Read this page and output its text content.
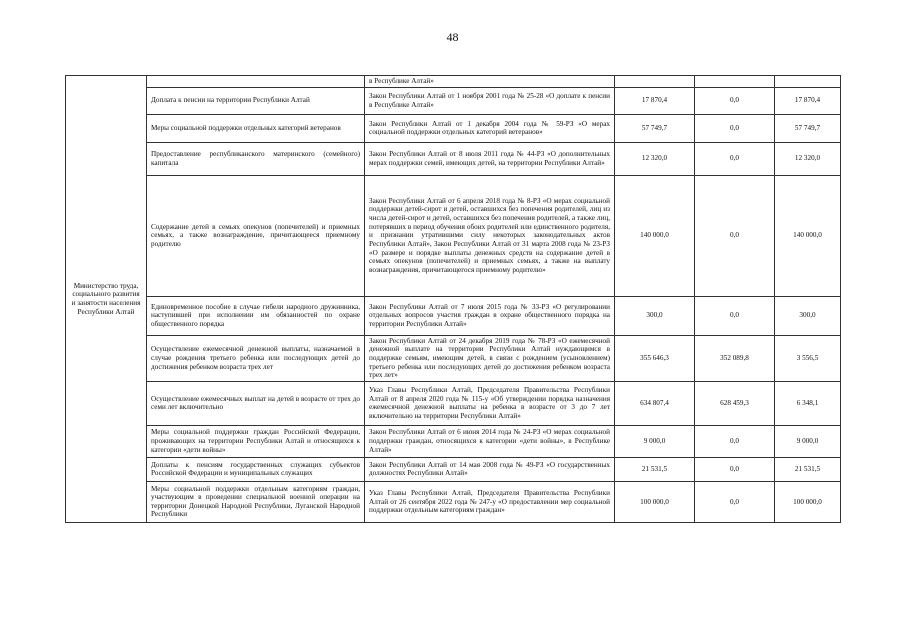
48
Министерство труда, социального развития и занятости населения Республики Алтай		в Республике Алтай»			
	Доплата к пенсии на территории Республики Алтай	Закон Республики Алтай от 1 ноября 2001 года № 25-28 «О доплате к пенсии в Республике Алтай»	17 870,4	0,0	17 870,4
	Меры социальной поддержки отдельных категорий ветеранов	Закон Республики Алтай от 1 декабря 2004 года № 59-РЗ «О мерах социальной поддержки отдельных категорий ветеранов»	57 749,7	0,0	57 749,7
	Предоставление республиканского материнского (семейного) капитала	Закон Республики Алтай от 8 июля 2011 года № 44-РЗ «О дополнительных мерах поддержки семей, имеющих детей, на территории Республики Алтай»	12 320,0	0,0	12 320,0
	Содержание детей в семьях опекунов (попечителей) и приемных семьях, а также вознаграждение, причитающееся приемному родителю	Закон Республики Алтай от 6 апреля 2018 года № 8-РЗ «О мерах социальной поддержки детей-сирот и детей, оставшихся без попечения родителей, лиц из числа детей-сирот и детей, оставшихся без попечения родителей, а также лиц, потерявших в период обучения обоих родителей или единственного родителя, и признании утратившими силу некоторых законодательных актов Республики Алтай», Закон Республики Алтай от 31 марта 2008 года № 23-РЗ «О размере и порядке выплаты денежных средств на содержание детей в семьях опекунов (попечителей) и приемных семьях, а также на выплату вознаграждения, причитающегося приемному родителю»	140 000,0	0,0	140 000,0
	Единовременное пособие в случае гибели народного дружинника, наступившей при исполнении им обязанностей по охране общественного порядка	Закон Республики Алтай от 7 июля 2015 года № 33-РЗ «О регулировании отдельных вопросов участия граждан в охране общественного порядка на территории Республики Алтай»	300,0	0,0	300,0
	Осуществление ежемесячной денежной выплаты, назначаемой в случае рождения третьего ребенка или последующих детей до достижения ребенком возраста трех лет	Закон Республики Алтай от 24 декабря 2019 года № 78-РЗ «О ежемесячной денежной выплате на территории Республики Алтай нуждающимся в поддержке семьям, имеющим детей, в связи с рождением (усыновлением) третьего ребенка или последующих детей до достижения ребенком возраста трех лет»	355 646,3	352 089,8	3 556,5
	Осуществление ежемесячных выплат на детей в возрасте от трех до семи лет включительно	Указ Главы Республики Алтай, Председателя Правительства Республики Алтай от 8 апреля 2020 года № 115-у «Об утверждении порядка назначения ежемесячной денежной выплаты на ребенка в возрасте от 3 до 7 лет включительно на территории Республики Алтай»	634 807,4	628 459,3	6 348,1
	Меры социальной поддержки граждан Российской Федерации, проживающих на территории Республики Алтай и относящихся к категории «дети войны»	Закон Республики Алтай от 6 июня 2014 года № 24-РЗ «О мерах социальной поддержки граждан, относящихся к категории «дети войны», в Республике Алтай»	9 000,0	0,0	9 000,0
	Доплаты к пенсиям государственных служащих субъектов Российской Федерации и муниципальных служащих	Закон Республики Алтай от 14 мая 2008 года № 49-РЗ «О государственных должностях Республики Алтай»	21 531,5	0,0	21 531,5
	Меры социальной поддержки отдельным категориям граждан, участвующим в проведении специальной военной операции на территории Донецкой Народной Республики, Луганской Народной Республики	Указ Главы Республики Алтай, Председателя Правительства Республики Алтай от 26 сентября 2022 года № 247-у «О предоставлении мер социальной поддержки отдельным категориям граждан»	100 000,0	0,0	100 000,0
